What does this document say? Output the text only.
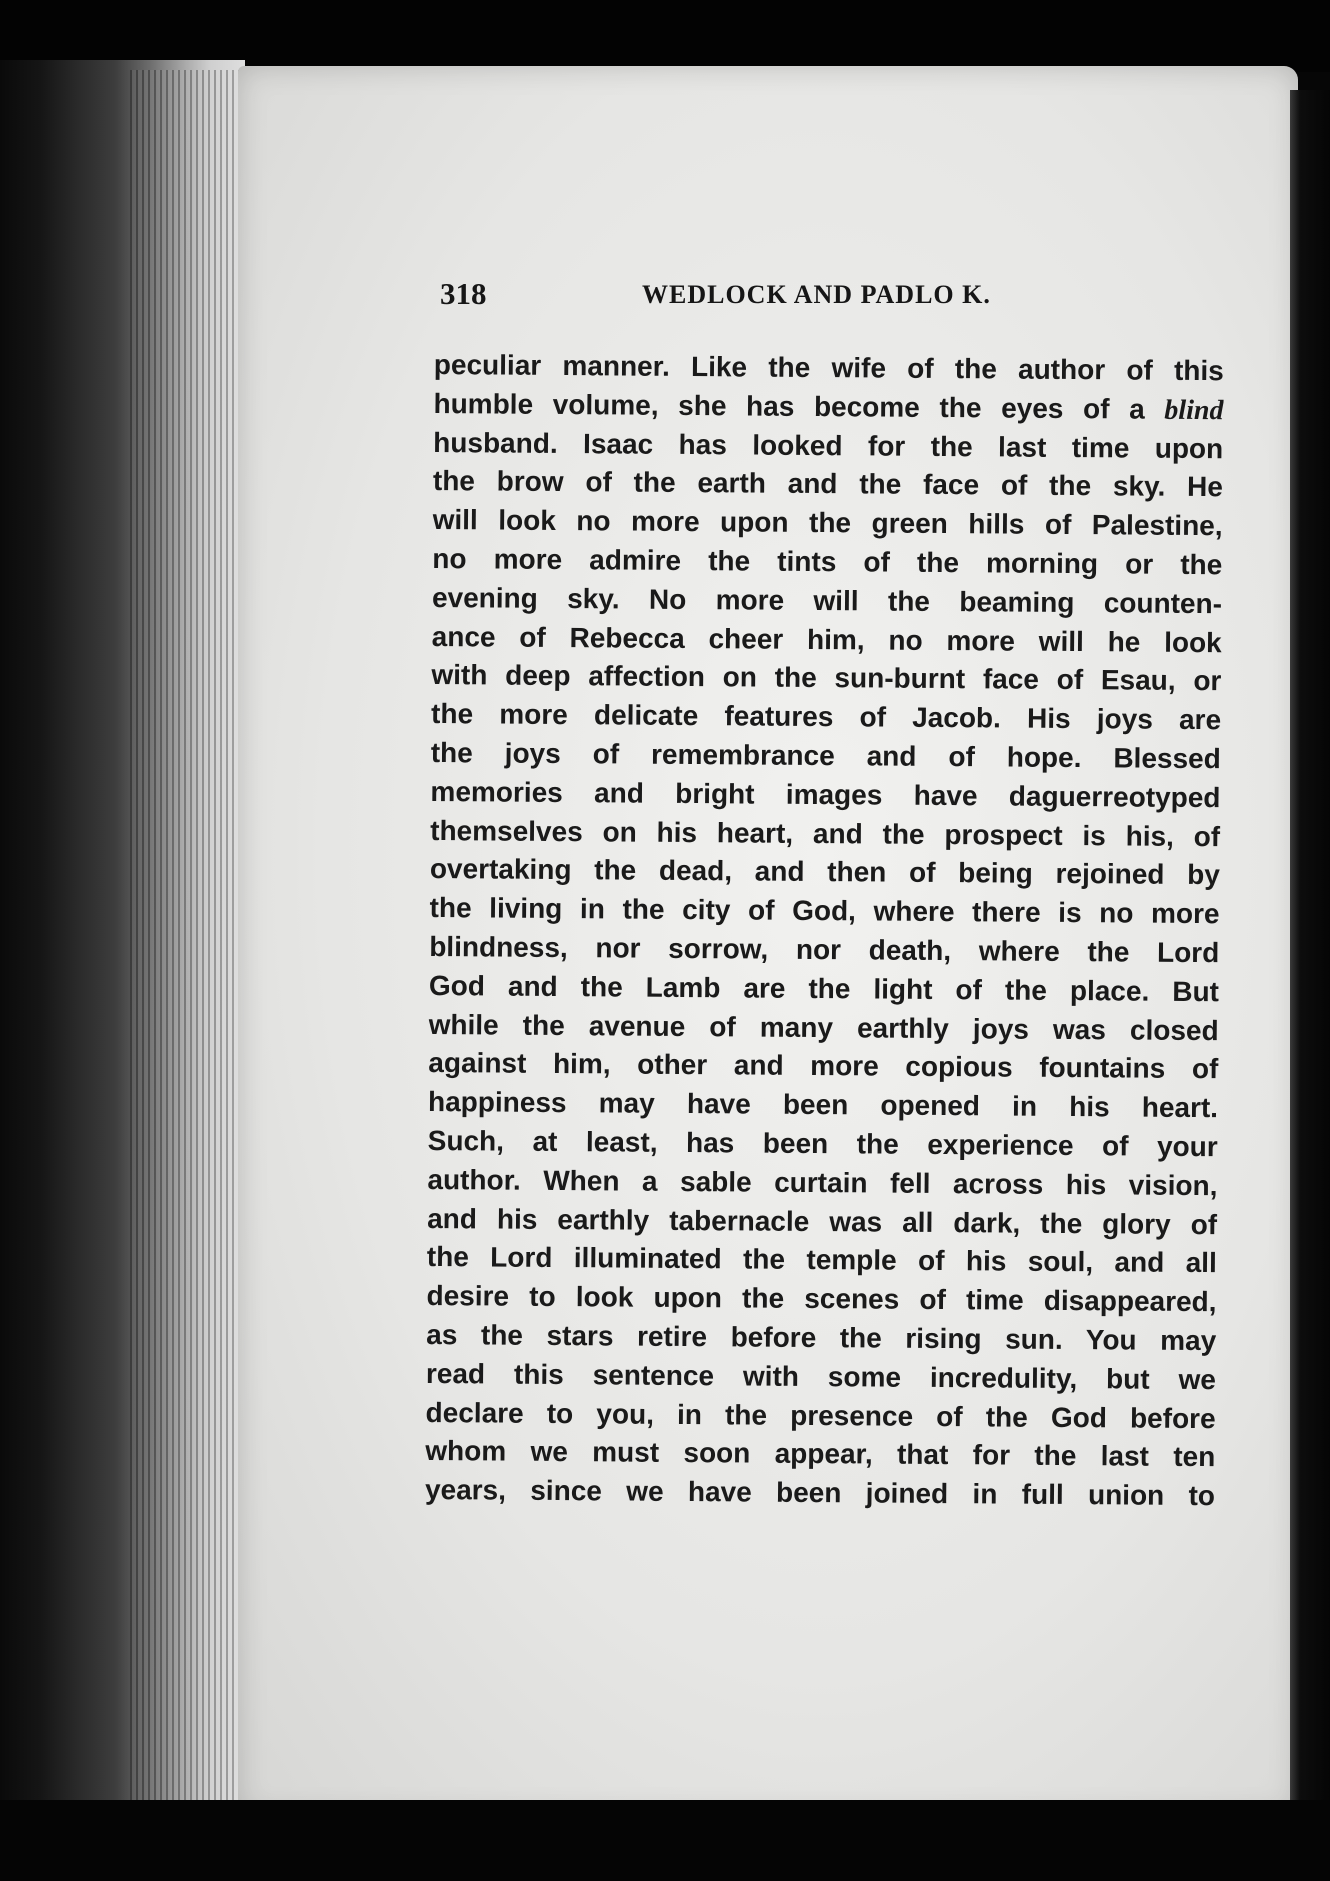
318	WEDLOCK AND PADLO K.
peculiar manner. Like the wife of the author of this
humble volume, she has become the eyes of a blind
husband. Isaac has looked for the last time upon
the brow of the earth and the face of the sky. He
will look no more upon the green hills of Palestine,
no more admire the tints of the morning or the
evening sky. No more will the beaming counten-
ance of Rebecca cheer him, no more will he look
with deep affection on the sun-burnt face of Esau, or
the more delicate features of Jacob. His joys are
the joys of remembrance and of hope. Blessed
memories and bright images have daguerreotyped
themselves on his heart, and the prospect is his, of
overtaking the dead, and then of being rejoined by
the living in the city of God, where there is no more
blindness, nor sorrow, nor death, where the Lord
God and the Lamb are the light of the place. But
while the avenue of many earthly joys was closed
against him, other and more copious fountains of
happiness may have been opened in his heart.
Such, at least, has been the experience of your
author. When a sable curtain fell across his vision,
and his earthly tabernacle was all dark, the glory of
the Lord illuminated the temple of his soul, and all
desire to look upon the scenes of time disappeared,
as the stars retire before the rising sun. You may
read this sentence with some incredulity, but we
declare to you, in the presence of the God before
whom we must soon appear, that for the last ten
years, since we have been joined in full union to
